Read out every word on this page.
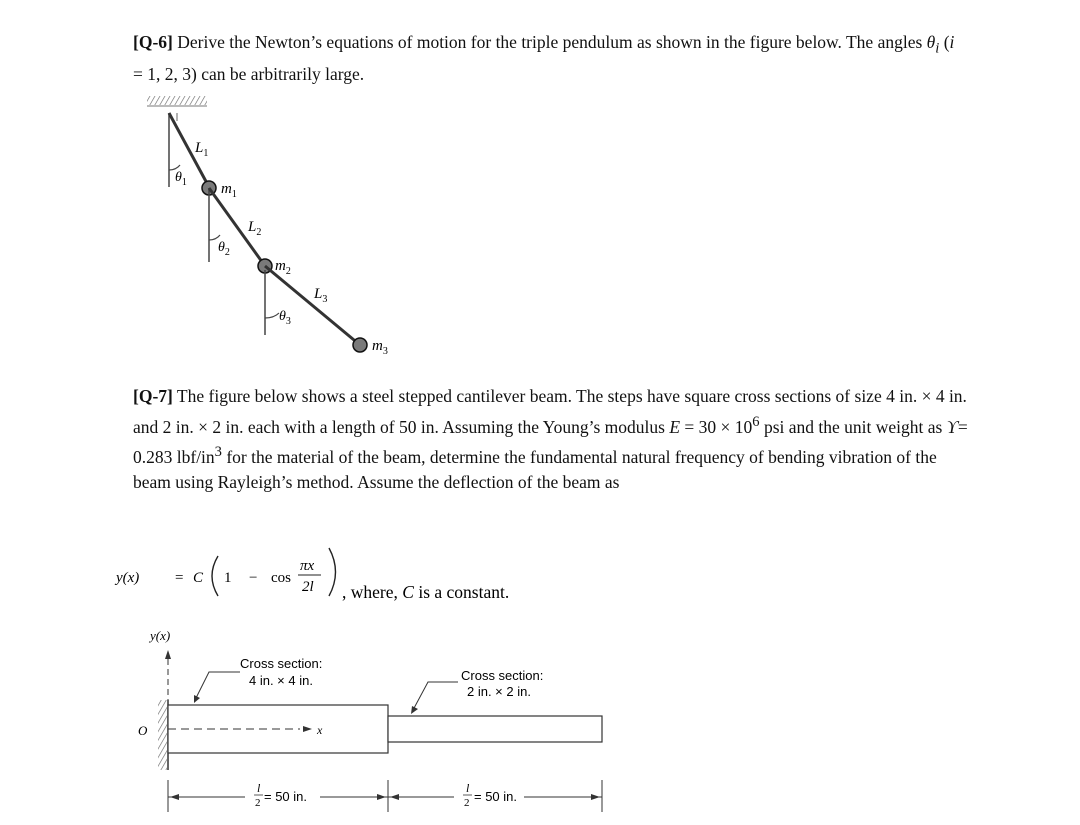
[Q-6] Derive the Newton’s equations of motion for the triple pendulum as shown in the figure below. The angles $\theta_i$ (i = 1, 2, 3) can be arbitrarily large.
$L_1$
$\theta_1$ $m_1$
$L_2$
$\theta_2$
$m_2$
$L_3$
$\theta_3$
$m_3$
y(x) = C 1 − cos
πx
2l , where, C is a constant.
y(x)
O	x
Cross section:
4 in. × 4 in.	Cross section:
2 in. × 2 in.
l
2 = 50 in.
l
2 = 50 in.
[Q-7] The figure below shows a steel stepped cantilever beam. The steps have square cross sections of size 4 in. × 4 in. and 2 in. × 2 in. each with a length of 50 in. Assuming the Young’s modulus $E = 30 \times 10^6$ psi and the unit weight as ϒ= 0.283 lbf/$in^3$ for the material of the beam, determine the fundamental natural frequency of bending vibration of the beam using Rayleigh’s method. Assume the deflection of the beam as
